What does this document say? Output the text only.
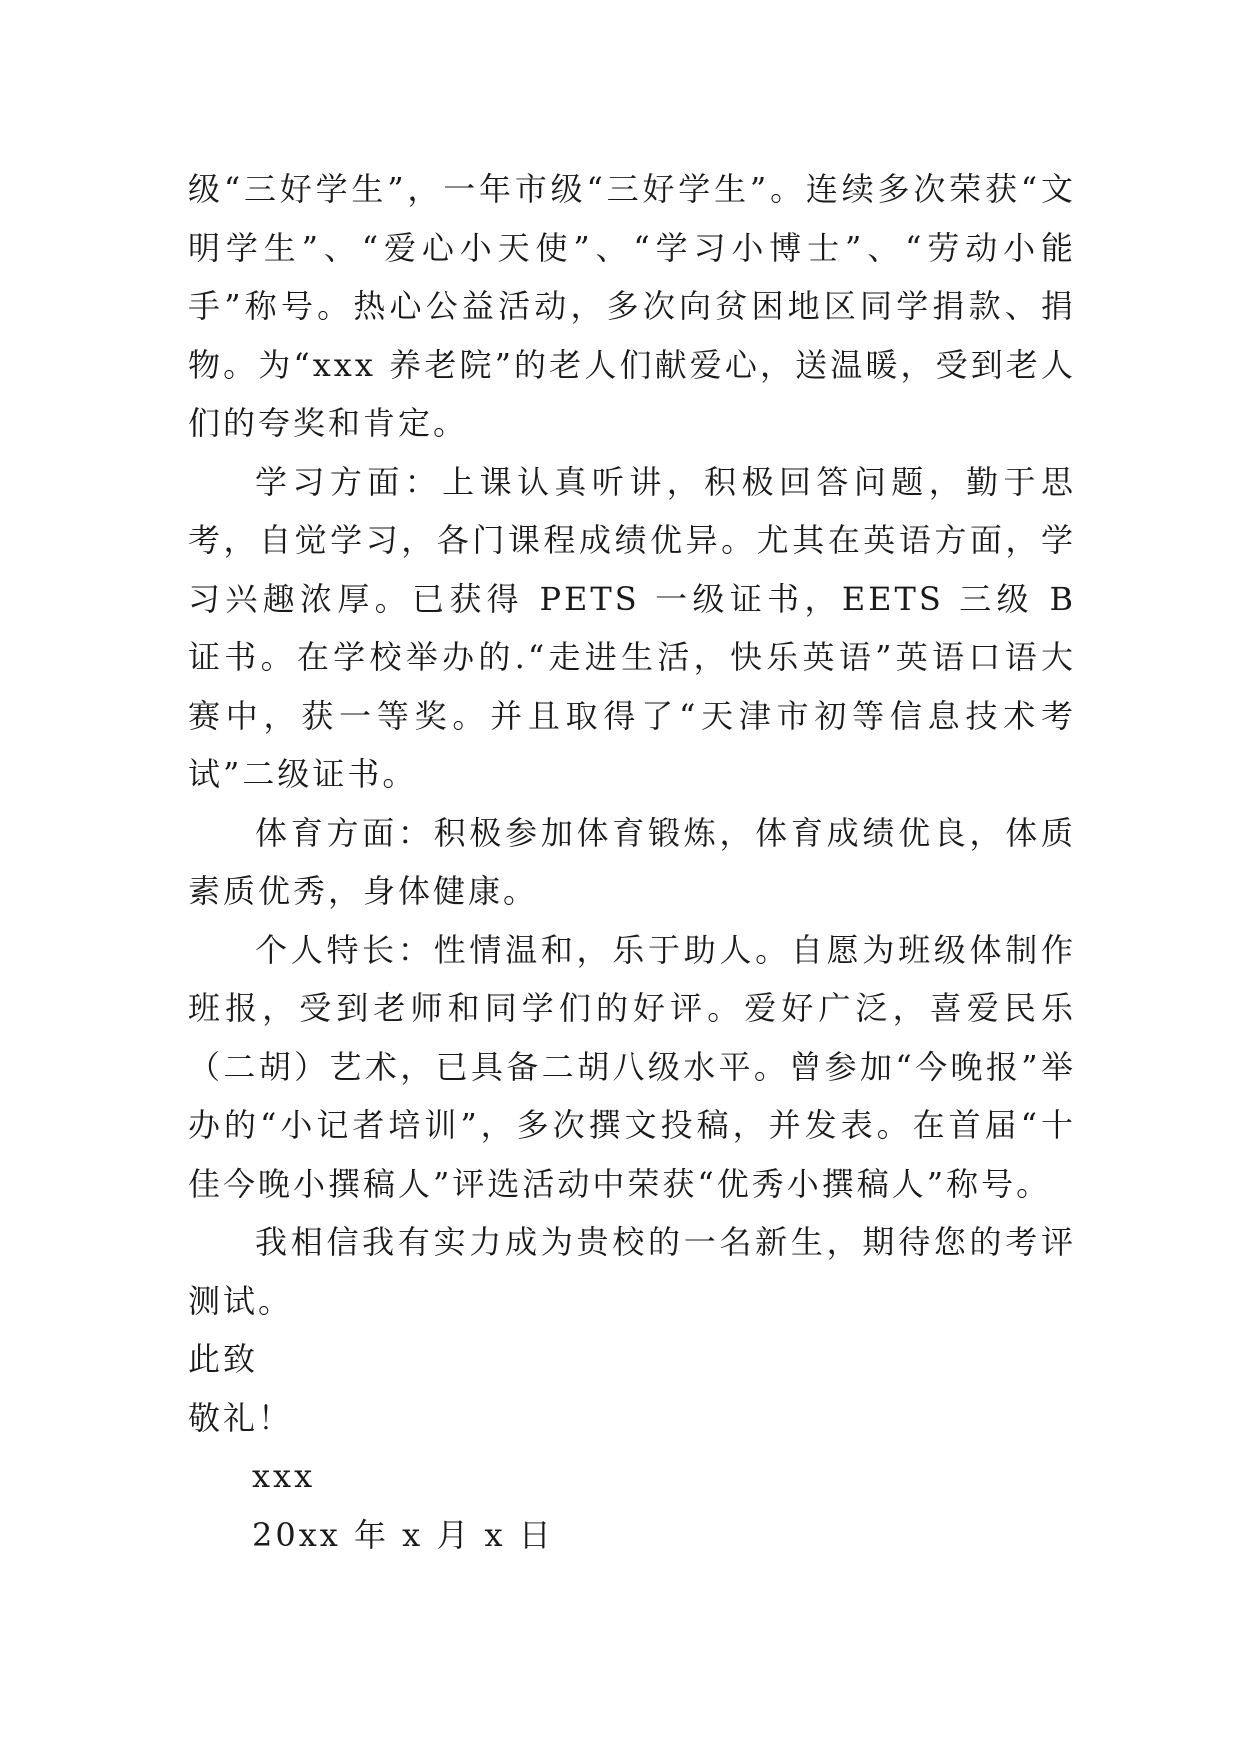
级“三好学生”，一年市级“三好学生”。连续多次荣获“文明学生”、“爱心小天使”、“学习小博士”、“劳动小能手”称号。热心公益活动，多次向贫困地区同学捐款、捐物。为“xxx 养老院”的老人们献爱心，送温暖，受到老人们的夸奖和肯定。

学习方面：上课认真听讲，积极回答问题，勤于思考，自觉学习，各门课程成绩优异。尤其在英语方面，学习兴趣浓厚。已获得 PETS 一级证书，EETS 三级 B 证书。在学校举办的.“走进生活，快乐英语”英语口语大赛中，获一等奖。并且取得了“天津市初等信息技术考试”二级证书。

体育方面：积极参加体育锻炼，体育成绩优良，体质素质优秀，身体健康。

个人特长：性情温和，乐于助人。自愿为班级体制作班报，受到老师和同学们的好评。爱好广泛，喜爱民乐（二胡）艺术，已具备二胡八级水平。曾参加“今晚报”举办的“小记者培训”，多次撰文投稿，并发表。在首届“十佳今晚小撰稿人”评选活动中荣获“优秀小撰稿人”称号。

我相信我有实力成为贵校的一名新生，期待您的考评测试。

此致

敬礼！

xxx

20xx 年 x 月 x 日
